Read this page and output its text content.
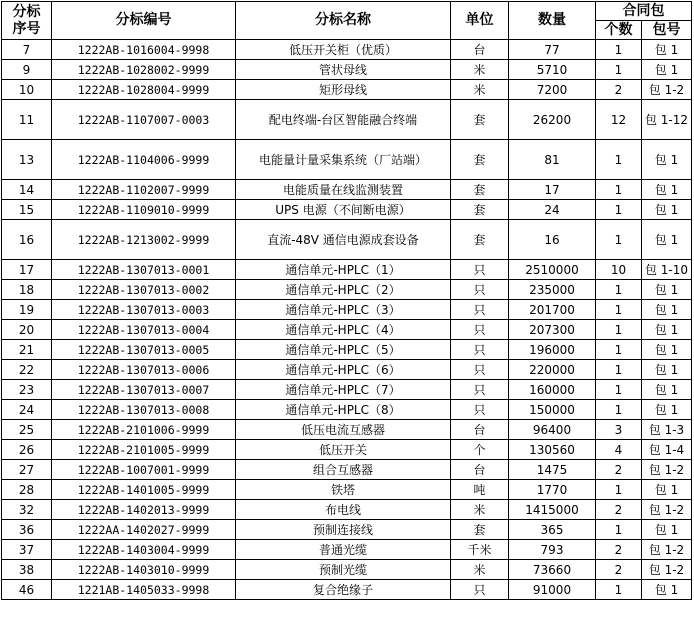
分标
序号	分标编号	分标名称	单位	数量	合同包	
					个数	包号
7	1222AB-1016004-9998	低压开关柜（优质）	台	77	1	包 1
9	1222AB-1028002-9999	管状母线	米	5710	1	包 1
10	1222AB-1028004-9999	矩形母线	米	7200	2	包 1-2
11	1222AB-1107007-0003	配电终端-台区智能融合终端	套	26200	12	包 1-12
13	1222AB-1104006-9999	电能量计量采集系统（厂站端）	套	81	1	包 1
14	1222AB-1102007-9999	电能质量在线监测装置	套	17	1	包 1
15	1222AB-1109010-9999	UPS 电源（不间断电源）	套	24	1	包 1
16	1222AB-1213002-9999	直流-48V 通信电源成套设备	套	16	1	包 1
17	1222AB-1307013-0001	通信单元-HPLC（1）	只	2510000	10	包 1-10
18	1222AB-1307013-0002	通信单元-HPLC（2）	只	235000	1	包 1
19	1222AB-1307013-0003	通信单元-HPLC（3）	只	201700	1	包 1
20	1222AB-1307013-0004	通信单元-HPLC（4）	只	207300	1	包 1
21	1222AB-1307013-0005	通信单元-HPLC（5）	只	196000	1	包 1
22	1222AB-1307013-0006	通信单元-HPLC（6）	只	220000	1	包 1
23	1222AB-1307013-0007	通信单元-HPLC（7）	只	160000	1	包 1
24	1222AB-1307013-0008	通信单元-HPLC（8）	只	150000	1	包 1
25	1222AB-2101006-9999	低压电流互感器	台	96400	3	包 1-3
26	1222AB-2101005-9999	低压开关	个	130560	4	包 1-4
27	1222AB-1007001-9999	组合互感器	台	1475	2	包 1-2
28	1222AB-1401005-9999	铁塔	吨	1770	1	包 1
32	1222AB-1402013-9999	布电线	米	1415000	2	包 1-2
36	1222AA-1402027-9999	预制连接线	套	365	1	包 1
37	1222AB-1403004-9999	普通光缆	千米	793	2	包 1-2
38	1222AB-1403010-9999	预制光缆	米	73660	2	包 1-2
46	1221AB-1405033-9998	复合绝缘子	只	91000	1	包 1
